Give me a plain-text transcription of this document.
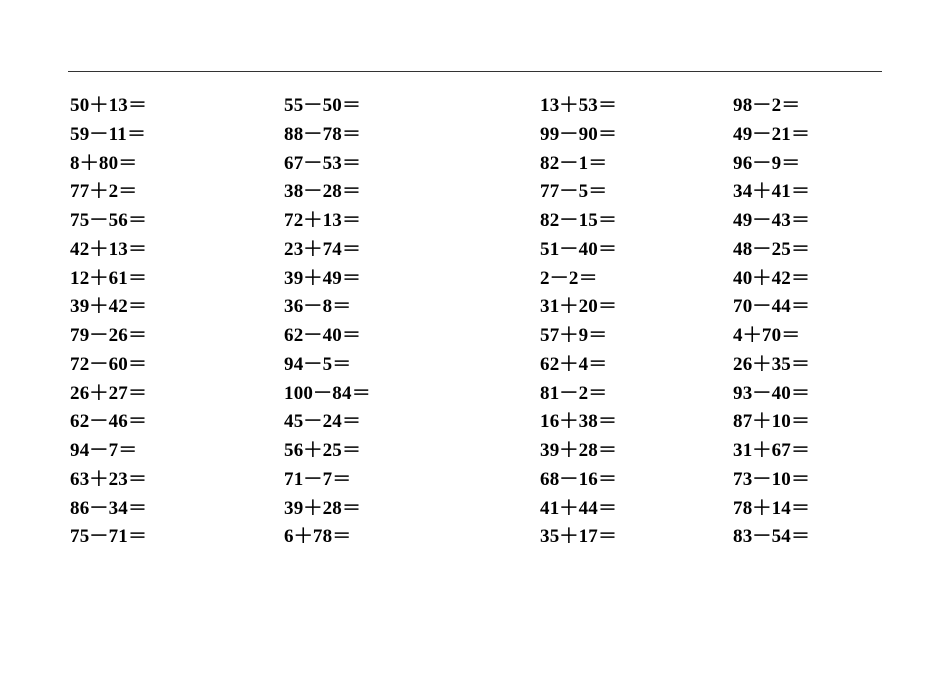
50＋13＝
59－11＝
8＋80＝
77＋2＝
75－56＝
42＋13＝
12＋61＝
39＋42＝
79－26＝
72－60＝
26＋27＝
62－46＝
94－7＝
63＋23＝
86－34＝
75－71＝
55－50＝
88－78＝
67－53＝
38－28＝
72＋13＝
23＋74＝
39＋49＝
36－8＝
62－40＝
94－5＝
100－84＝
45－24＝
56＋25＝
71－7＝
39＋28＝
6＋78＝
13＋53＝
99－90＝
82－1＝
77－5＝
82－15＝
51－40＝
2－2＝
31＋20＝
57＋9＝
62＋4＝
81－2＝
16＋38＝
39＋28＝
68－16＝
41＋44＝
35＋17＝
98－2＝
49－21＝
96－9＝
34＋41＝
49－43＝
48－25＝
40＋42＝
70－44＝
4＋70＝
26＋35＝
93－40＝
87＋10＝
31＋67＝
73－10＝
78＋14＝
83－54＝
